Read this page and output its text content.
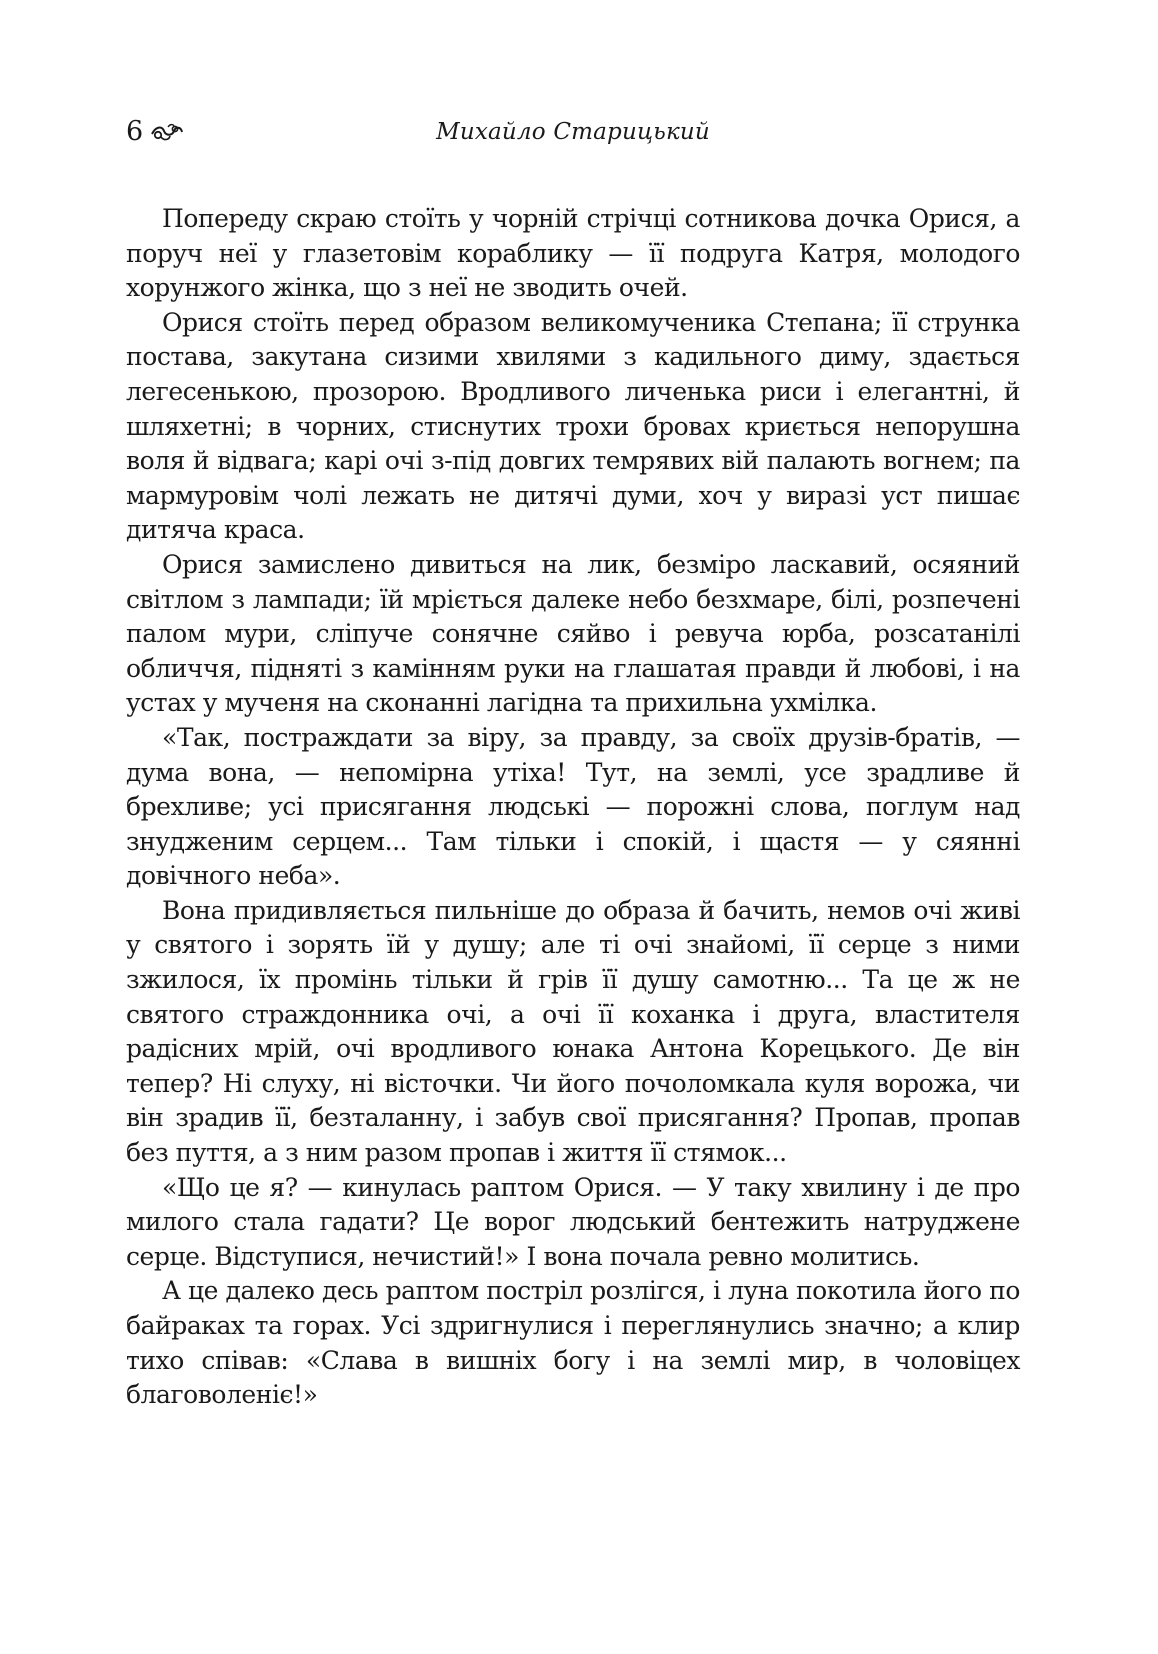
6	Михайло Старицький

Попереду скраю стоїть у чорній стрічці сотникова дочка Орися, а поруч неї у глазетовім кораблику — її подруга Катря, молодого хорунжого жінка, що з неї не зводить очей.

Орися стоїть перед образом великомученика Степана; її струнка постава, закутана сизими хвилями з кадильного диму, здається легесенькою, прозорою. Вродливого личенька риси і елегантні, й шляхетні; в чорних, стиснутих трохи бровах криється непорушна воля й відвага; карі очі з-під довгих темрявих вій палають вогнем; па мармуровім чолі лежать не дитячі думи, хоч у виразі уст пишає дитяча краса.

Орися замислено дивиться на лик, безміро ласкавий, осяяний світлом з лампади; їй мріється далеке небо безхмаре, білі, розпечені палом мури, сліпуче сонячне сяйво і ревуча юрба, розсатанілі обличчя, підняті з камінням руки на глашатая правди й любові, і на устах у мученя на сконанні лагідна та прихильна ухмілка.

«Так, постраждати за віру, за правду, за своїх друзів-братів, — дума вона, — непомірна утіха! Тут, на землі, усе зрадливе й брехливе; усі присягання людські — порожні слова, поглум над знудженим серцем... Там тільки і спокій, і щастя — у сяянні довічного неба».

Вона придивляється пильніше до образа й бачить, немов очі живі у святого і зорять їй у душу; але ті очі знайомі, її серце з ними зжилося, їх промінь тільки й грів її душу самотню... Та це ж не святого страждонника очі, а очі її коханка і друга, властителя радісних мрій, очі вродливого юнака Антона Корецького. Де він тепер? Ні слуху, ні вісточки. Чи його почоломкала куля ворожа, чи він зрадив її, безталанну, і забув свої присягання? Пропав, пропав без пуття, а з ним разом пропав і життя її стямок...

«Що це я? — кинулась раптом Орися. — У таку хвилину і де про милого стала гадати? Це ворог людський бентежить натруджене серце. Відступися, нечистий!» І вона почала ревно молитись.

А це далеко десь раптом постріл розлігся, і луна покотила його по байраках та горах. Усі здригнулися і переглянулись значно; а клир тихо співав: «Слава в вишніх богу і на землі мир, в чоловіцех благоволеніє!»
